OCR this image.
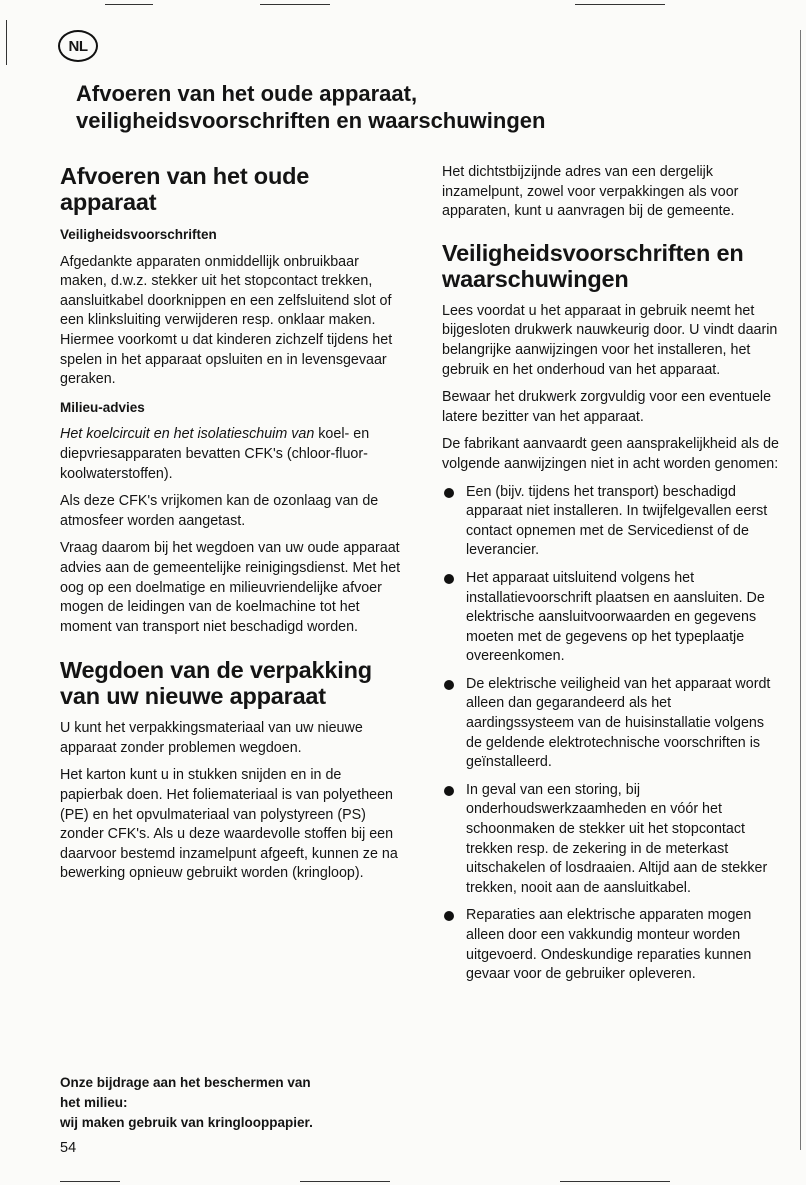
NL
Afvoeren van het oude apparaat,
veiligheidsvoorschriften en waarschuwingen
Afvoeren van het oude apparaat

Veiligheidsvoorschriften

Afgedankte apparaten onmiddellijk onbruikbaar maken, d.w.z. stekker uit het stopcontact trekken, aansluitkabel doorknippen en een zelfsluitend slot of een klinksluiting verwijderen resp. onklaar maken. Hiermee voorkomt u dat kinderen zichzelf tijdens het spelen in het apparaat opsluiten en in levensgevaar geraken.

Milieu-advies

Het koelcircuit en het isolatieschuim van koel- en diepvriesapparaten bevatten CFK's (chloor-fluor-koolwaterstoffen).

Als deze CFK's vrijkomen kan de ozonlaag van de atmosfeer worden aangetast.

Vraag daarom bij het wegdoen van uw oude apparaat advies aan de gemeentelijke reinigingsdienst. Met het oog op een doelmatige en milieuvriendelijke afvoer mogen de leidingen van de koelmachine tot het moment van transport niet beschadigd worden.

Wegdoen van de verpakking van uw nieuwe apparaat

U kunt het verpakkingsmateriaal van uw nieuwe apparaat zonder problemen wegdoen.

Het karton kunt u in stukken snijden en in de papierbak doen. Het foliemateriaal is van polyetheen (PE) en het opvulmateriaal van polystyreen (PS) zonder CFK's. Als u deze waardevolle stoffen bij een daarvoor bestemd inzamelpunt afgeeft, kunnen ze na bewerking opnieuw gebruikt worden (kringloop).

Het dichtstbijzijnde adres van een dergelijk inzamelpunt, zowel voor verpakkingen als voor apparaten, kunt u aanvragen bij de gemeente.

Veiligheidsvoorschriften en waarschuwingen

Lees voordat u het apparaat in gebruik neemt het bijgesloten drukwerk nauwkeurig door. U vindt daarin belangrijke aanwijzingen voor het installeren, het gebruik en het onderhoud van het apparaat.

Bewaar het drukwerk zorgvuldig voor een eventuele latere bezitter van het apparaat.

De fabrikant aanvaardt geen aansprakelijkheid als de volgende aanwijzingen niet in acht worden genomen:

Een (bijv. tijdens het transport) beschadigd apparaat niet installeren. In twijfelgevallen eerst contact opnemen met de Servicedienst of de leverancier.
Het apparaat uitsluitend volgens het installatievoorschrift plaatsen en aansluiten. De elektrische aansluitvoorwaarden en gegevens moeten met de gegevens op het typeplaatje overeenkomen.
De elektrische veiligheid van het apparaat wordt alleen dan gegarandeerd als het aardingssysteem van de huisinstallatie volgens de geldende elektrotechnische voorschriften is geïnstalleerd.
In geval van een storing, bij onderhoudswerkzaamheden en vóór het schoonmaken de stekker uit het stopcontact trekken resp. de zekering in de meterkast uitschakelen of losdraaien. Altijd aan de stekker trekken, nooit aan de aansluitkabel.
Reparaties aan elektrische apparaten mogen alleen door een vakkundig monteur worden uitgevoerd. Ondeskundige reparaties kunnen gevaar voor de gebruiker opleveren.
Onze bijdrage aan het beschermen van
het milieu:
wij maken gebruik van kringlooppapier.
54
